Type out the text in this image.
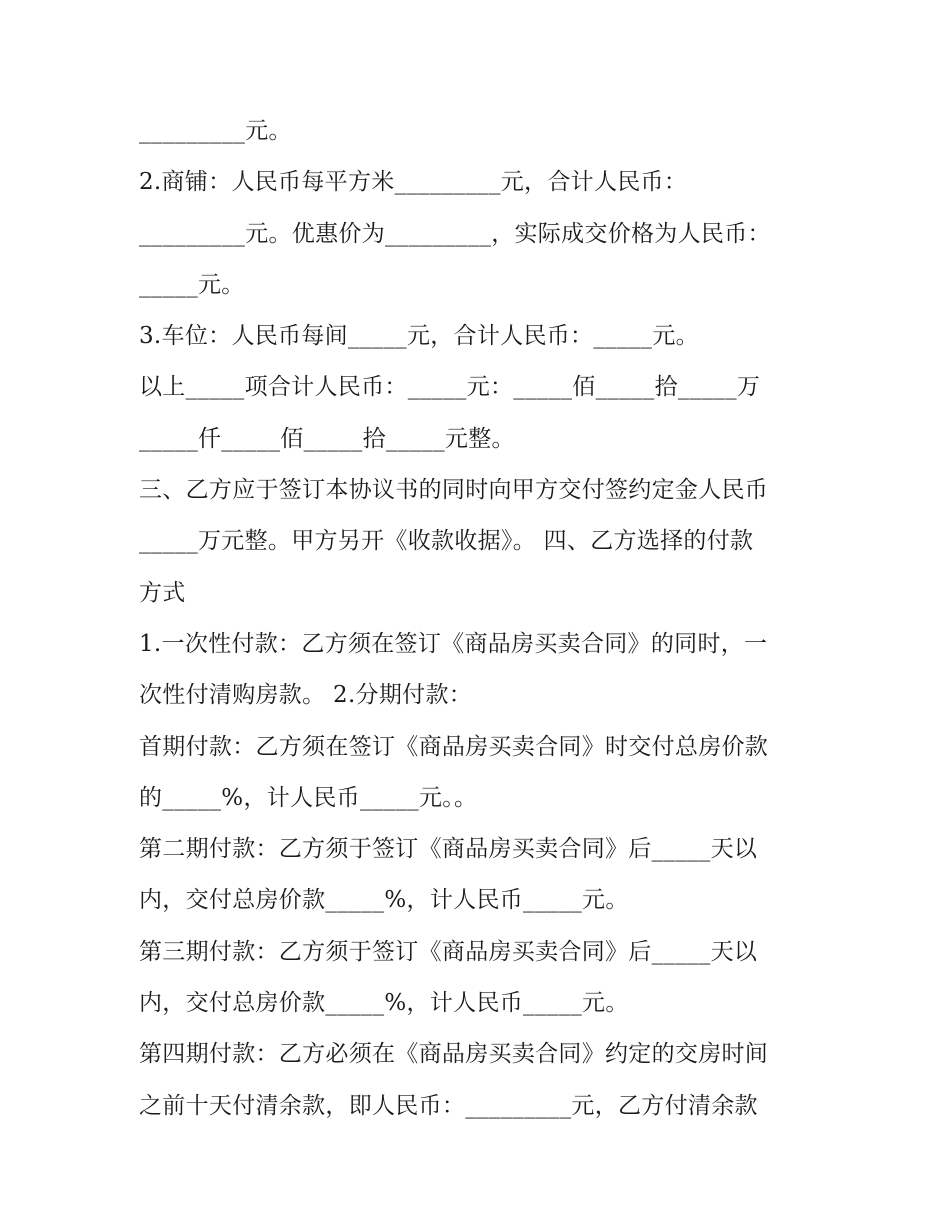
_________元。
2.商铺：人民币每平方米_________元，合计人民币：
_________元。优惠价为_________，实际成交价格为人民币：
_____元。
3.车位：人民币每间_____元，合计人民币：_____元。
以上_____项合计人民币：_____元：_____佰_____拾_____万
_____仟_____佰_____拾_____元整。
三、乙方应于签订本协议书的同时向甲方交付签约定金人民币
_____万元整。甲方另开《收款收据》。 四、乙方选择的付款
方式
1.一次性付款：乙方须在签订《商品房买卖合同》的同时，一
次性付清购房款。 2.分期付款：
首期付款：乙方须在签订《商品房买卖合同》时交付总房价款
的_____%，计人民币_____元。。
第二期付款：乙方须于签订《商品房买卖合同》后_____天以
内，交付总房价款_____%，计人民币_____元。
第三期付款：乙方须于签订《商品房买卖合同》后_____天以
内，交付总房价款_____%，计人民币_____元。
第四期付款：乙方必须在《商品房买卖合同》约定的交房时间
之前十天付清余款，即人民币：_________元，乙方付清余款
